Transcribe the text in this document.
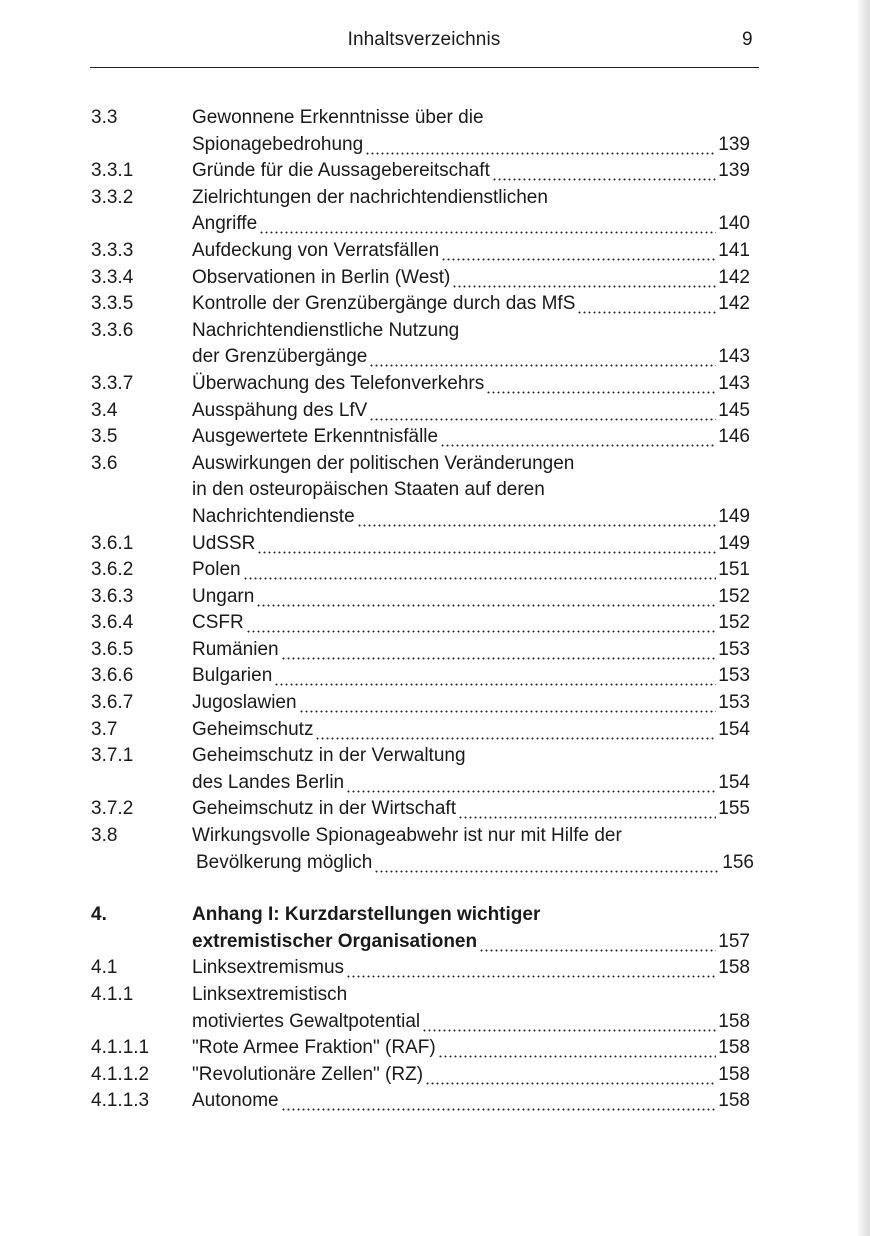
Inhaltsverzeichnis	9
3.3	Gewonnene Erkenntnisse über die
Spionagebedrohung	139
3.3.1	Gründe für die Aussagebereitschaft	139
3.3.2	Zielrichtungen der nachrichtendienstlichen
Angriffe	140
3.3.3	Aufdeckung von Verratsfällen	141
3.3.4	Observationen in Berlin (West)	142
3.3.5	Kontrolle der Grenzübergänge durch das MfS	142
3.3.6	Nachrichtendienstliche Nutzung
der Grenzübergänge	143
3.3.7	Überwachung des Telefonverkehrs	143
3.4	Ausspähung des LfV	145
3.5	Ausgewertete Erkenntnisfälle	146
3.6	Auswirkungen der politischen Veränderungen
in den osteuropäischen Staaten auf deren
Nachrichtendienste	149
3.6.1	UdSSR	149
3.6.2	Polen	151
3.6.3	Ungarn	152
3.6.4	CSFR	152
3.6.5	Rumänien	153
3.6.6	Bulgarien	153
3.6.7	Jugoslawien	153
3.7	Geheimschutz	154
3.7.1	Geheimschutz in der Verwaltung
des Landes Berlin	154
3.7.2	Geheimschutz in der Wirtschaft	155
3.8	Wirkungsvolle Spionageabwehr ist nur mit Hilfe der
Bevölkerung möglich	156
4.	Anhang I: Kurzdarstellungen wichtiger
extremistischer Organisationen	157
4.1	Linksextremismus	158
4.1.1	Linksextremistisch
motiviertes Gewaltpotential	158
4.1.1.1 "Rote Armee Fraktion" (RAF)	158
4.1.1.2 "Revolutionäre Zellen" (RZ)	158
4.1.1.3 Autonome	158
